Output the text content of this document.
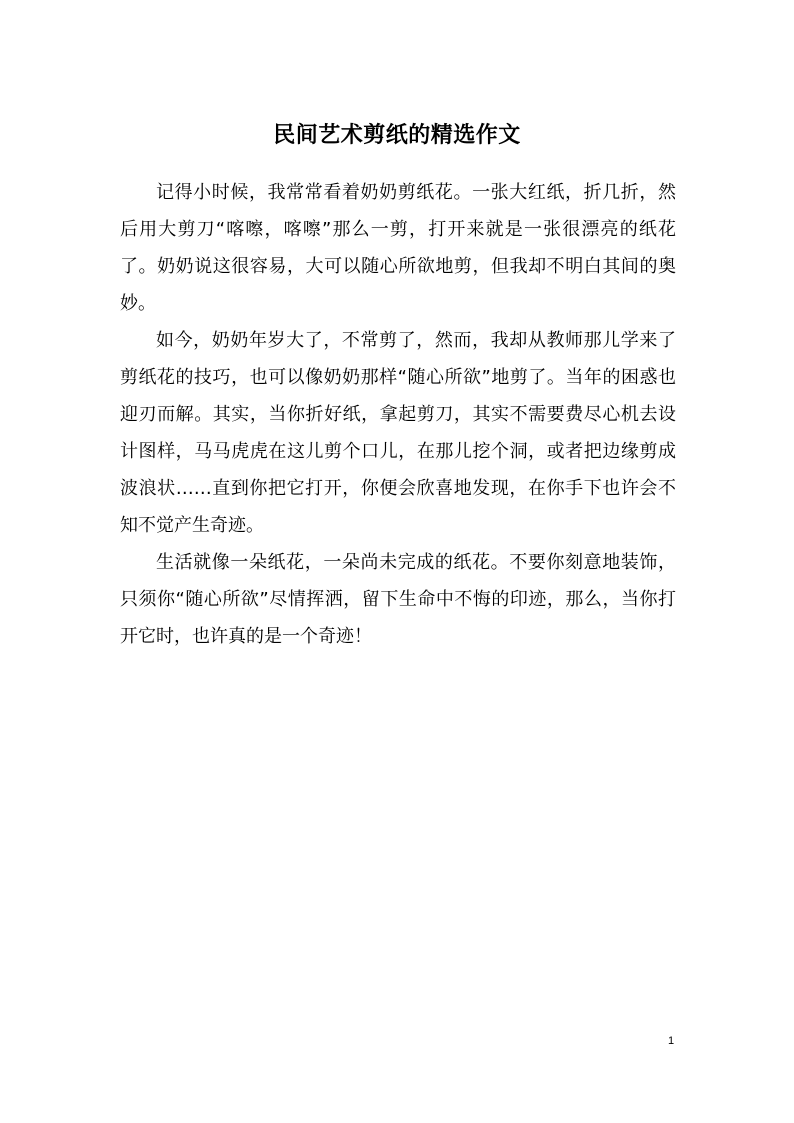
民间艺术剪纸的精选作文

记得小时候，我常常看着奶奶剪纸花。一张大红纸，折几折，然后用大剪刀“喀嚓，喀嚓”那么一剪，打开来就是一张很漂亮的纸花了。奶奶说这很容易，大可以随心所欲地剪，但我却不明白其间的奥妙。

如今，奶奶年岁大了，不常剪了，然而，我却从教师那儿学来了剪纸花的技巧，也可以像奶奶那样“随心所欲”地剪了。当年的困惑也迎刃而解。其实，当你折好纸，拿起剪刀，其实不需要费尽心机去设计图样，马马虎虎在这儿剪个口儿，在那儿挖个洞，或者把边缘剪成波浪状……直到你把它打开，你便会欣喜地发现，在你手下也许会不知不觉产生奇迹。

生活就像一朵纸花，一朵尚未完成的纸花。不要你刻意地装饰，只须你“随心所欲”尽情挥洒，留下生命中不悔的印迹，那么，当你打开它时，也许真的是一个奇迹！

1
